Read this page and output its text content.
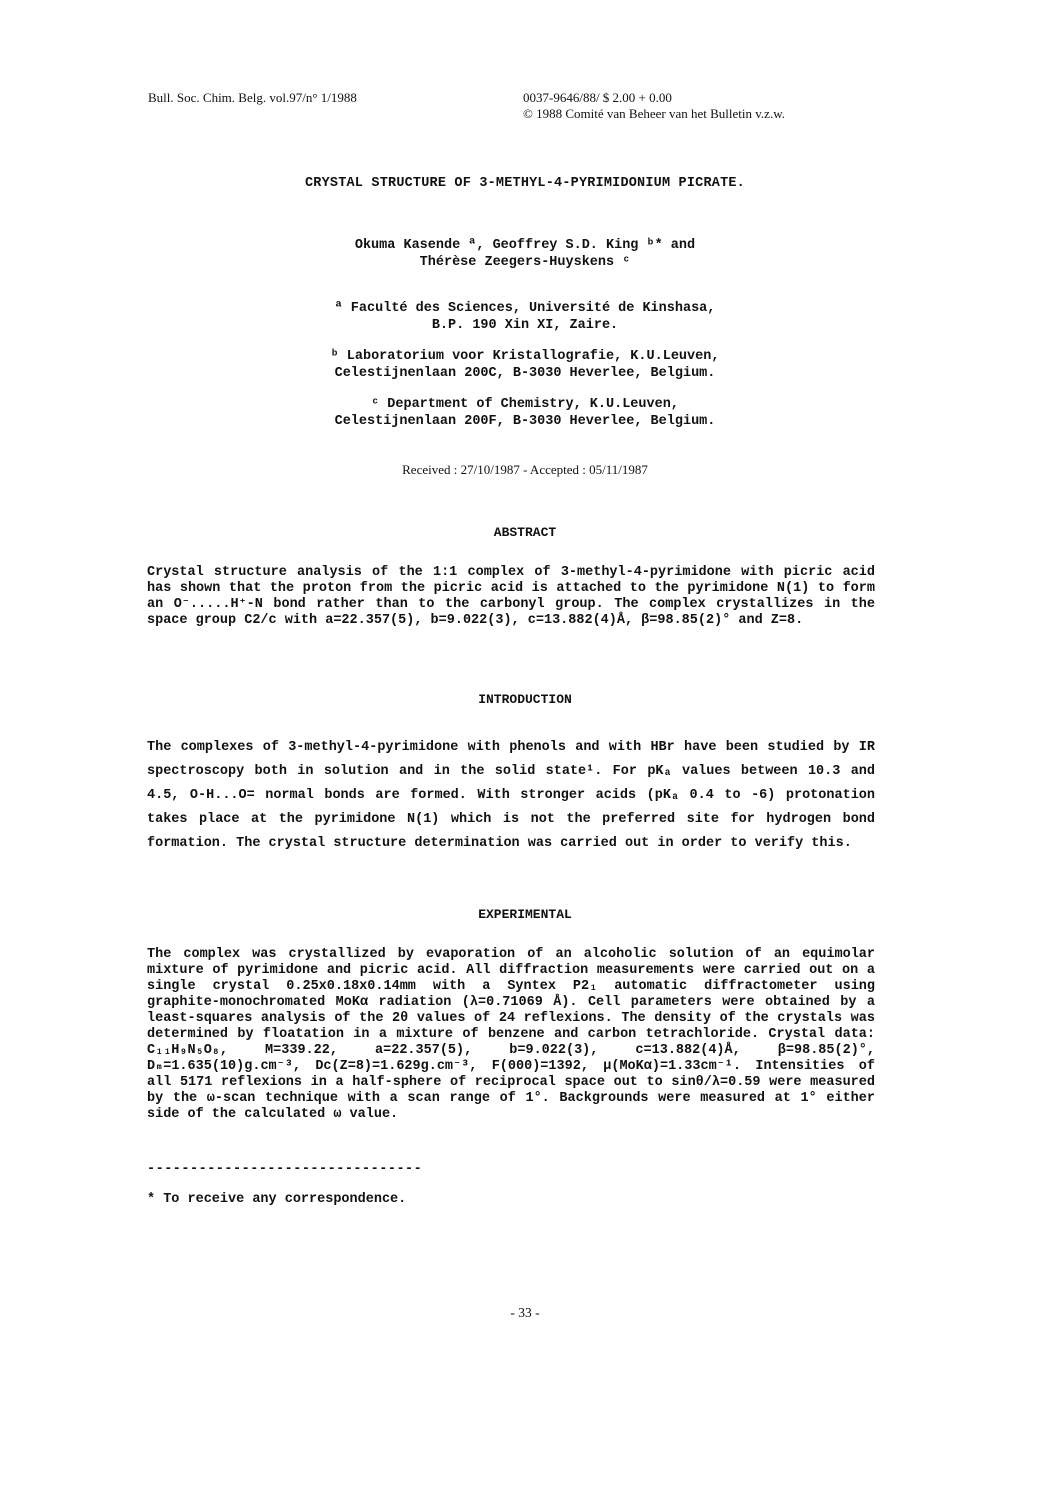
Bull. Soc. Chim. Belg. vol.97/n° 1/1988	0037-9646/88/ $ 2.00 + 0.00
© 1988 Comité van Beheer van het Bulletin v.z.w.
CRYSTAL STRUCTURE OF 3-METHYL-4-PYRIMIDONIUM PICRATE.
Okuma Kasende ª, Geoffrey S.D. King ᵇ* and
Thérèse Zeegers-Huyskens ᶜ
ª Faculté des Sciences, Université de Kinshasa,
B.P. 190 Xin XI, Zaire.
ᵇ Laboratorium voor Kristallografie, K.U.Leuven,
Celestijnenlaan 200C, B-3030 Heverlee, Belgium.
ᶜ Department of Chemistry, K.U.Leuven,
Celestijnenlaan 200F, B-3030 Heverlee, Belgium.
Received : 27/10/1987 - Accepted : 05/11/1987
ABSTRACT

Crystal structure analysis of the 1:1 complex of 3-methyl-4-pyrimidone with picric acid has shown that the proton from the picric acid is attached to the pyrimidone N(1) to form an O⁻.....H⁺-N bond rather than to the carbonyl group. The complex crystallizes in the space group C2/c with a=22.357(5), b=9.022(3), c=13.882(4)Å, β=98.85(2)° and Z=8.

INTRODUCTION

The complexes of 3-methyl-4-pyrimidone with phenols and with HBr have been studied by IR spectroscopy both in solution and in the solid state¹. For pKₐ values between 10.3 and 4.5, O-H...O= normal bonds are formed. With stronger acids (pKₐ 0.4 to -6) protonation takes place at the pyrimidone N(1) which is not the preferred site for hydrogen bond formation. The crystal structure determination was carried out in order to verify this.

EXPERIMENTAL

The complex was crystallized by evaporation of an alcoholic solution of an equimolar mixture of pyrimidone and picric acid. All diffraction measurements were carried out on a single crystal 0.25x0.18x0.14mm with a Syntex P2₁ automatic diffractometer using graphite-monochromated MoKα radiation (λ=0.71069 Å). Cell parameters were obtained by a least-squares analysis of the 2θ values of 24 reflexions. The density of the crystals was determined by floatation in a mixture of benzene and carbon tetrachloride. Crystal data: C₁₁H₉N₅O₈, M=339.22, a=22.357(5), b=9.022(3), c=13.882(4)Å, β=98.85(2)°, Dₘ=1.635(10)g.cm⁻³, Dc(Z=8)=1.629g.cm⁻³, F(000)=1392, μ(MoKα)=1.33cm⁻¹. Intensities of all 5171 reflexions in a half-sphere of reciprocal space out to sinθ/λ=0.59 were measured by the ω-scan technique with a scan range of 1°. Backgrounds were measured at 1° either side of the calculated ω value.

--------------------------------
* To receive any correspondence.
- 33 -
